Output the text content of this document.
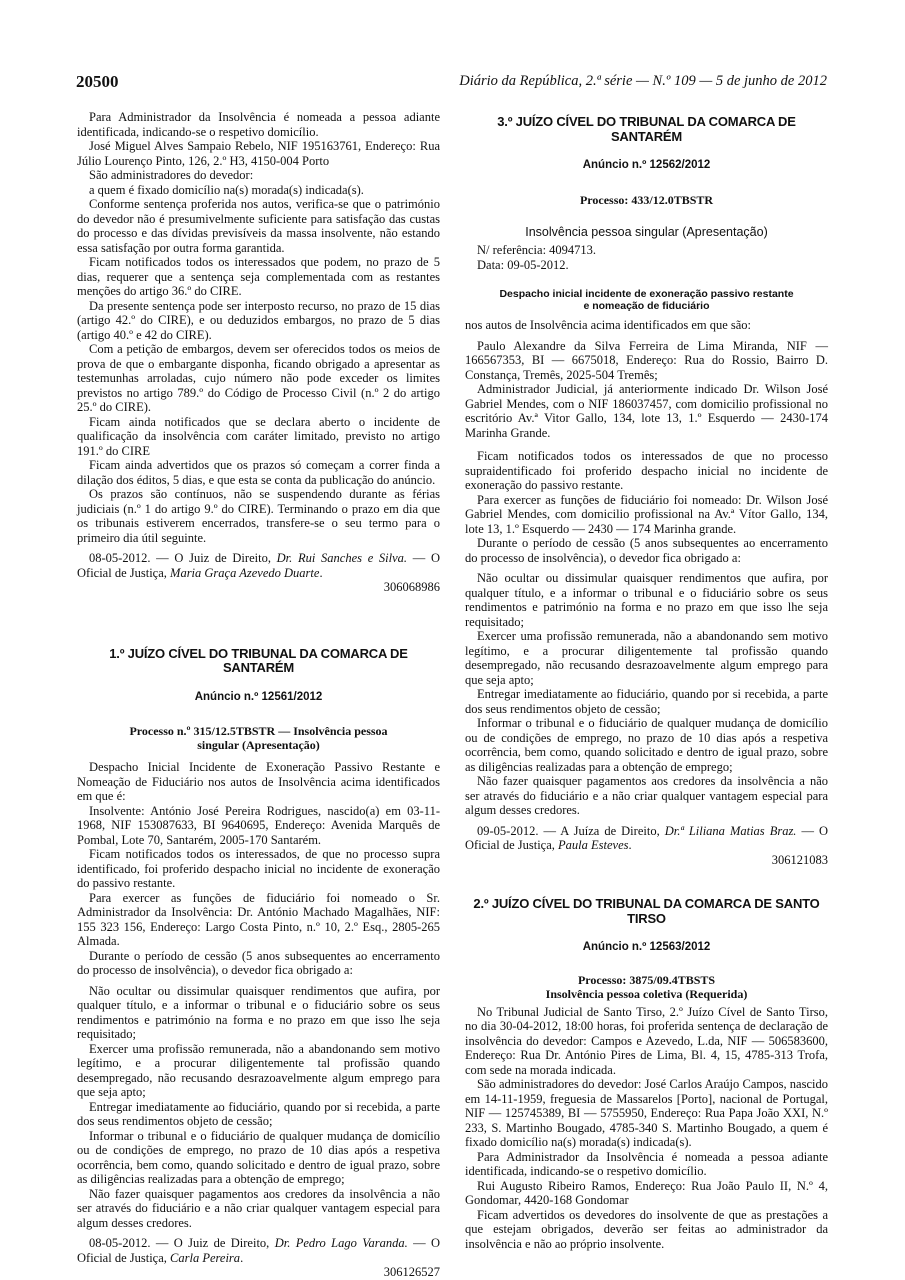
20500	Diário da República, 2.ª série — N.º 109 — 5 de junho de 2012

Para Administrador da Insolvência é nomeada a pessoa adiante identificada, indicando-se o respetivo domicílio.

José Miguel Alves Sampaio Rebelo, NIF 195163761, Endereço: Rua Júlio Lourenço Pinto, 126, 2.º H3, 4150-004 Porto

São administradores do devedor:

a quem é fixado domicílio na(s) morada(s) indicada(s).

Conforme sentença proferida nos autos, verifica-se que o património do devedor não é presumivelmente suficiente para satisfação das custas do processo e das dívidas previsíveis da massa insolvente, não estando essa satisfação por outra forma garantida.

Ficam notificados todos os interessados que podem, no prazo de 5 dias, requerer que a sentença seja complementada com as restantes menções do artigo 36.º do CIRE.

Da presente sentença pode ser interposto recurso, no prazo de 15 dias (artigo 42.º do CIRE), e ou deduzidos embargos, no prazo de 5 dias (artigo 40.º e 42 do CIRE).

Com a petição de embargos, devem ser oferecidos todos os meios de prova de que o embargante disponha, ficando obrigado a apresentar as testemunhas arroladas, cujo número não pode exceder os limites previstos no artigo 789.º do Código de Processo Civil (n.º 2 do artigo 25.º do CIRE).

Ficam ainda notificados que se declara aberto o incidente de qualificação da insolvência com caráter limitado, previsto no artigo 191.º do CIRE

Ficam ainda advertidos que os prazos só começam a correr finda a dilação dos éditos, 5 dias, e que esta se conta da publicação do anúncio.

Os prazos são contínuos, não se suspendendo durante as férias judiciais (n.º 1 do artigo 9.º do CIRE). Terminando o prazo em dia que os tribunais estiverem encerrados, transfere-se o seu termo para o primeiro dia útil seguinte.

08-05-2012. — O Juiz de Direito, Dr. Rui Sanches e Silva. — O Oficial de Justiça, Maria Graça Azevedo Duarte.

306068986

1.º JUÍZO CÍVEL DO TRIBUNAL DA COMARCA DE SANTARÉM
Anúncio n.º 12561/2012
Processo n.º 315/12.5TBSTR — Insolvência pessoa
singular (Apresentação)

Despacho Inicial Incidente de Exoneração Passivo Restante e Nomeação de Fiduciário nos autos de Insolvência acima identificados em que é:

Insolvente: António José Pereira Rodrigues, nascido(a) em 03-11-1968, NIF 153087633, BI 9640695, Endereço: Avenida Marquês de Pombal, Lote 70, Santarém, 2005-170 Santarém.

Ficam notificados todos os interessados, de que no processo supra identificado, foi proferido despacho inicial no incidente de exoneração do passivo restante.

Para exercer as funções de fiduciário foi nomeado o Sr. Administrador da Insolvência: Dr. António Machado Magalhães, NIF: 155 323 156, Endereço: Largo Costa Pinto, n.º 10, 2.º Esq., 2805-265 Almada.

Durante o período de cessão (5 anos subsequentes ao encerramento do processo de insolvência), o devedor fica obrigado a:

Não ocultar ou dissimular quaisquer rendimentos que aufira, por qualquer título, e a informar o tribunal e o fiduciário sobre os seus rendimentos e património na forma e no prazo em que isso lhe seja requisitado;

Exercer uma profissão remunerada, não a abandonando sem motivo legítimo, e a procurar diligentemente tal profissão quando desempregado, não recusando desrazoavelmente algum emprego para que seja apto;

Entregar imediatamente ao fiduciário, quando por si recebida, a parte dos seus rendimentos objeto de cessão;

Informar o tribunal e o fiduciário de qualquer mudança de domicílio ou de condições de emprego, no prazo de 10 dias após a respetiva ocorrência, bem como, quando solicitado e dentro de igual prazo, sobre as diligências realizadas para a obtenção de emprego;

Não fazer quaisquer pagamentos aos credores da insolvência a não ser através do fiduciário e a não criar qualquer vantagem especial para algum desses credores.

08-05-2012. — O Juiz de Direito, Dr. Pedro Lago Varanda. — O Oficial de Justiça, Carla Pereira.

306126527

3.º JUÍZO CÍVEL DO TRIBUNAL DA COMARCA DE SANTARÉM
Anúncio n.º 12562/2012
Processo: 433/12.0TBSTR
Insolvência pessoa singular (Apresentação)

N/ referência: 4094713.

Data: 09-05-2012.

Despacho inicial incidente de exoneração passivo restante
e nomeação de fiduciário

nos autos de Insolvência acima identificados em que são:

Paulo Alexandre da Silva Ferreira de Lima Miranda, NIF — 166567353, BI — 6675018, Endereço: Rua do Rossio, Bairro D. Constança, Tremês, 2025-504 Tremês;

Administrador Judicial, já anteriormente indicado Dr. Wilson José Gabriel Mendes, com o NIF 186037457, com domicilio profissional no escritório Av.ª Vitor Gallo, 134, lote 13, 1.º Esquerdo — 2430-174 Marinha Grande.

Ficam notificados todos os interessados de que no processo supraidentificado foi proferido despacho inicial no incidente de exoneração do passivo restante.

Para exercer as funções de fiduciário foi nomeado: Dr. Wilson José Gabriel Mendes, com domicilio profissional na Av.ª Vítor Gallo, 134, lote 13, 1.º Esquerdo — 2430 — 174 Marinha grande.

Durante o período de cessão (5 anos subsequentes ao encerramento do processo de insolvência), o devedor fica obrigado a:

Não ocultar ou dissimular quaisquer rendimentos que aufira, por qualquer título, e a informar o tribunal e o fiduciário sobre os seus rendimentos e património na forma e no prazo em que isso lhe seja requisitado;

Exercer uma profissão remunerada, não a abandonando sem motivo legítimo, e a procurar diligentemente tal profissão quando desempregado, não recusando desrazoavelmente algum emprego para que seja apto;

Entregar imediatamente ao fiduciário, quando por si recebida, a parte dos seus rendimentos objeto de cessão;

Informar o tribunal e o fiduciário de qualquer mudança de domicílio ou de condições de emprego, no prazo de 10 dias após a respetiva ocorrência, bem como, quando solicitado e dentro de igual prazo, sobre as diligências realizadas para a obtenção de emprego;

Não fazer quaisquer pagamentos aos credores da insolvência a não ser através do fiduciário e a não criar qualquer vantagem especial para algum desses credores.

09-05-2012. — A Juíza de Direito, Dr.ª Liliana Matias Braz. — O Oficial de Justiça, Paula Esteves.

306121083

2.º JUÍZO CÍVEL DO TRIBUNAL DA COMARCA DE SANTO TIRSO
Anúncio n.º 12563/2012
Processo: 3875/09.4TBSTS
Insolvência pessoa coletiva (Requerida)

No Tribunal Judicial de Santo Tirso, 2.º Juízo Cível de Santo Tirso, no dia 30-04-2012, 18:00 horas, foi proferida sentença de declaração de insolvência do devedor: Campos e Azevedo, L.da, NIF — 506583600, Endereço: Rua Dr. António Pires de Lima, Bl. 4, 15, 4785-313 Trofa, com sede na morada indicada.

São administradores do devedor: José Carlos Araújo Campos, nascido em 14-11-1959, freguesia de Massarelos [Porto], nacional de Portugal, NIF — 125745389, BI — 5755950, Endereço: Rua Papa João XXI, N.º 233, S. Martinho Bougado, 4785-340 S. Martinho Bougado, a quem é fixado domicílio na(s) morada(s) indicada(s).

Para Administrador da Insolvência é nomeada a pessoa adiante identificada, indicando-se o respetivo domicílio.

Rui Augusto Ribeiro Ramos, Endereço: Rua João Paulo II, N.º 4, Gondomar, 4420-168 Gondomar

Ficam advertidos os devedores do insolvente de que as prestações a que estejam obrigados, deverão ser feitas ao administrador da insolvência e não ao próprio insolvente.
